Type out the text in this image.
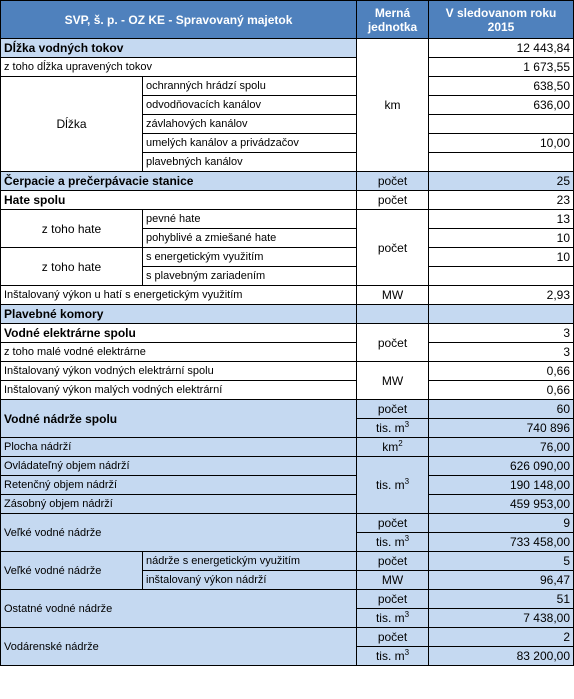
SVP, š. p. - OZ KE - Spravovaný majetok		Merná
jednotka	V sledovanom roku
2015
Dĺžka vodných tokov		km	12 443,84
z toho dĺžka upravených tokov			1 673,55
Dĺžka	ochranných hrádzí spolu		638,50
	odvodňovacích kanálov		636,00
	závlahových kanálov		
	umelých kanálov a privádzačov		10,00
	plavebných kanálov		
Čerpacie a prečerpávacie stanice		počet	25
Hate spolu		počet	23
z toho hate	pevné hate	počet	13
	pohyblivé a zmiešané hate		10
z toho hate	s energetickým využitím		10
	s plavebným zariadením		
Inštalovaný výkon u hatí s energetickým využitím		MW	2,93
Plavebné komory			
Vodné elektrárne spolu		počet	3
z toho malé vodné elektrárne			3
Inštalovaný výkon vodných elektrární spolu		MW	0,66
Inštalovaný výkon malých vodných elektrární			0,66
Vodné nádrže spolu		počet	60
		tis. $m^3$	740 896
Plocha nádrží		$km^2$	76,00
Ovládateľný objem nádrží		tis. $m^3$	626 090,00
Retenčný objem nádrží			190 148,00
Zásobný objem nádrží			459 953,00
Veľké vodné nádrže		počet	9
		tis. $m^3$	733 458,00
Veľké vodné nádrže	nádrže s energetickým využitím	počet	5
	inštalovaný výkon nádrží	MW	96,47
Ostatné vodné nádrže		počet	51
		tis. $m^3$	7 438,00
Vodárenské nádrže		počet	2
		tis. $m^3$	83 200,00
